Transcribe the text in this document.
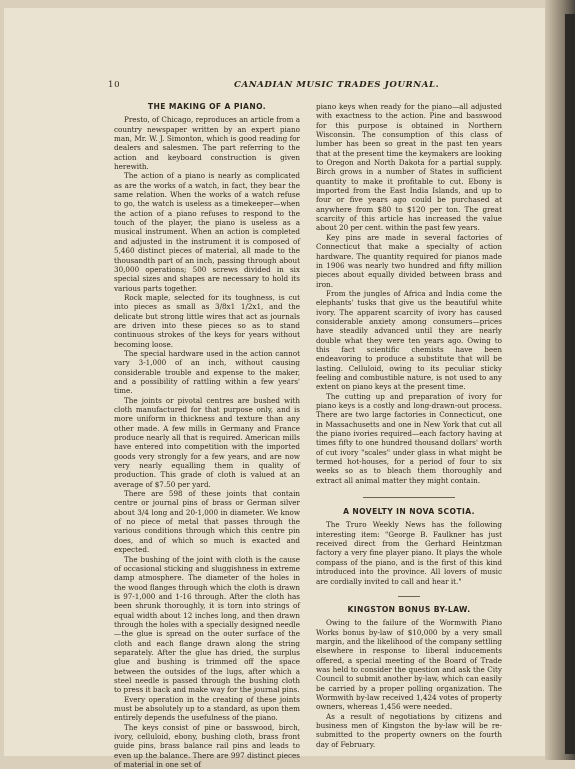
10	CANADIAN MUSIC TRADES JOURNAL.
THE MAKING OF A PIANO.

Presto, of Chicago, reproduces an article from a country newspaper written by an expert piano man, Mr. W. J. Simonton, which is good reading for dealers and salesmen. The part referring to the action and keyboard construction is given herewith.

The action of a piano is nearly as complicated as are the works of a watch, in fact, they bear the same relation. When the works of a watch refuse to go, the watch is useless as a timekeeper—when the action of a piano refuses to respond to the touch of the player, the piano is useless as a musical instrument. When an action is completed and adjusted in the instrument it is composed of 5,460 distinct pieces of material, all made to the thousandth part of an inch, passing through about 30,000 operations; 500 screws divided in six special sizes and shapes are necessary to hold its various parts together.

Rock maple, selected for its toughness, is cut into pieces as small as 3/8x1 1/2x1, and the delicate but strong little wires that act as journals are driven into these pieces so as to stand continuous strokes of the keys for years without becoming loose.

The special hardware used in the action cannot vary 3-1,000 of an inch, without causing considerable trouble and expense to the maker, and a possibility of rattling within a few years' time.

The joints or pivotal centres are bushed with cloth manufactured for that purpose only, and is more uniform in thickness and texture than any other made. A few mills in Germany and France produce nearly all that is required. American mills have entered into competition with the imported goods very strongly for a few years, and are now very nearly equalling them in quality of production. This grade of cloth is valued at an average of $7.50 per yard.

There are 598 of these joints that contain centre or journal pins of brass or German silver about 3/4 long and 20-1,000 in diameter. We know of no piece of metal that passes through the various conditions through which this centre pin does, and of which so much is exacted and expected.

The bushing of the joint with cloth is the cause of occasional sticking and sluggishness in extreme damp atmosphere. The diameter of the holes in the wood flanges through which the cloth is drawn is 97-1,000 and 1-16 through. After the cloth has been shrunk thoroughly, it is torn into strings of equal width about 12 inches long, and then drawn through the holes with a specially designed needle—the glue is spread on the outer surface of the cloth and each flange drawn along the string separately. After the glue has dried, the surplus glue and bushing is trimmed off the space between the outsides of the lugs, after which a steel needle is passed through the bushing cloth to press it back and make way for the journal pins.

Every operation in the creating of these joints must be absolutely up to a standard, as upon them entirely depends the usefulness of the piano.

The keys consist of pine or basswood, birch, ivory, celluloid, ebony, bushing cloth, brass front guide pins, brass balance rail pins and leads to even up the balance. There are 997 distinct pieces of material in one set of

piano keys when ready for the piano—all adjusted with exactness to the action. Pine and basswood for this purpose is obtained in Northern Wisconsin. The consumption of this class of lumber has been so great in the past ten years that at the present time the keymakers are looking to Oregon and North Dakota for a partial supply. Birch grows in a number of States in sufficient quantity to make it profitable to cut. Ebony is imported from the East India Islands, and up to four or five years ago could be purchased at anywhere from $80 to $120 per ton. The great scarcity of this article has increased the value about 20 per cent. within the past few years.

Key pins are made in several factories of Connecticut that make a specialty of action hardware. The quantity required for pianos made in 1906 was nearly two hundred and fifty million pieces about equally divided between brass and iron.

From the jungles of Africa and India come the elephants' tusks that give us the beautiful white ivory. The apparent scarcity of ivory has caused considerable anxiety among consumers—prices have steadily advanced until they are nearly double what they were ten years ago. Owing to this fact scientific chemists have been endeavoring to produce a substitute that will be lasting. Celluloid, owing to its peculiar sticky feeling and combustible nature, is not used to any extent on piano keys at the present time.

The cutting up and preparation of ivory for piano keys is a costly and long-drawn-out process. There are two large factories in Connecticut, one in Massachusetts and one in New York that cut all the piano ivories required—each factory having at times fifty to one hundred thousand dollars' worth of cut ivory "scales" under glass in what might be termed hot-houses, for a period of four to six weeks so as to bleach them thoroughly and extract all animal matter they might contain.

A NOVELTY IN NOVA SCOTIA.

The Truro Weekly News has the following interesting item: "George B. Faulkner has just received direct from the Gerhard Heintzman factory a very fine player piano. It plays the whole compass of the piano, and is the first of this kind introduced into the province. All lovers of music are cordially invited to call and hear it."

KINGSTON BONUS BY-LAW.

Owing to the failure of the Wormwith Piano Works bonus by-law of $10,000 by a very small margin, and the likelihood of the company settling elsewhere in response to liberal inducements offered, a special meeting of the Board of Trade was held to consider the question and ask the City Council to submit another by-law, which can easily be carried by a proper polling organization. The Wormwith by-law received 1,424 votes of property owners, whereas 1,456 were needed.

As a result of negotiations by citizens and business men of Kingston the by-law will be re-submitted to the property owners on the fourth day of February.
